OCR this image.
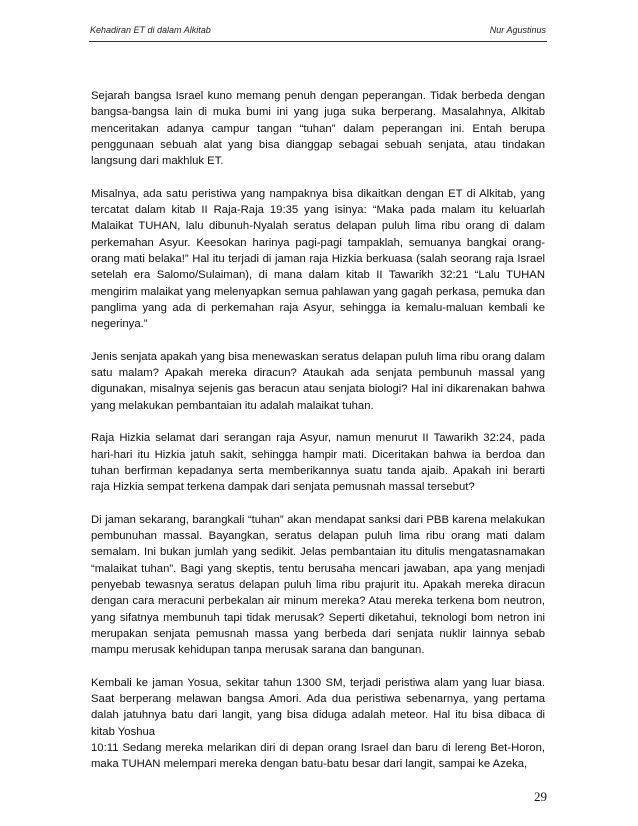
Kehadiran ET di dalam Alkitab	Nur Agustinus

Sejarah bangsa Israel kuno memang penuh dengan peperangan. Tidak berbeda dengan bangsa-bangsa lain di muka bumi ini yang juga suka berperang. Masalahnya, Alkitab menceritakan adanya campur tangan “tuhan” dalam peperangan ini. Entah berupa penggunaan sebuah alat yang bisa dianggap sebagai sebuah senjata, atau tindakan langsung dari makhluk ET.

Misalnya, ada satu peristiwa yang nampaknya bisa dikaitkan dengan ET di Alkitab, yang tercatat dalam kitab II Raja-Raja 19:35 yang isinya: “Maka pada malam itu keluarlah Malaikat TUHAN, lalu dibunuh-Nyalah seratus delapan puluh lima ribu orang di dalam perkemahan Asyur. Keesokan harinya pagi-pagi tampaklah, semuanya bangkai orang-orang mati belaka!” Hal itu terjadi di jaman raja Hizkia berkuasa (salah seorang raja Israel setelah era Salomo/Sulaiman), di mana dalam kitab II Tawarikh 32:21 “Lalu TUHAN mengirim malaikat yang melenyapkan semua pahlawan yang gagah perkasa, pemuka dan panglima yang ada di perkemahan raja Asyur, sehingga ia kemalu-maluan kembali ke negerinya.”

Jenis senjata apakah yang bisa menewaskan seratus delapan puluh lima ribu orang dalam satu malam? Apakah mereka diracun? Ataukah ada senjata pembunuh massal yang digunakan, misalnya sejenis gas beracun atau senjata biologi? Hal ini dikarenakan bahwa yang melakukan pembantaian itu adalah malaikat tuhan.

Raja Hizkia selamat dari serangan raja Asyur, namun menurut II Tawarikh 32:24, pada hari-hari itu Hizkia jatuh sakit, sehingga hampir mati. Diceritakan bahwa ia berdoa dan tuhan berfirman kepadanya serta memberikannya suatu tanda ajaib. Apakah ini berarti raja Hizkia sempat terkena dampak dari senjata pemusnah massal tersebut?

Di jaman sekarang, barangkali “tuhan” akan mendapat sanksi dari PBB karena melakukan pembunuhan massal. Bayangkan, seratus delapan puluh lima ribu orang mati dalam semalam. Ini bukan jumlah yang sedikit. Jelas pembantaian itu ditulis mengatasnamakan “malaikat tuhan”. Bagi yang skeptis, tentu berusaha mencari jawaban, apa yang menjadi penyebab tewasnya seratus delapan puluh lima ribu prajurit itu. Apakah mereka diracun dengan cara meracuni perbekalan air minum mereka? Atau mereka terkena bom neutron, yang sifatnya membunuh tapi tidak merusak? Seperti diketahui, teknologi bom netron ini merupakan senjata pemusnah massa yang berbeda dari senjata nuklir lainnya sebab mampu merusak kehidupan tanpa merusak sarana dan bangunan.

Kembali ke jaman Yosua, sekitar tahun 1300 SM, terjadi peristiwa alam yang luar biasa. Saat berperang melawan bangsa Amori. Ada dua peristiwa sebenarnya, yang pertama dalah jatuhnya batu dari langit, yang bisa diduga adalah meteor. Hal itu bisa dibaca di kitab Yoshua

10:11 Sedang mereka melarikan diri di depan orang Israel dan baru di lereng Bet-Horon, maka TUHAN melempari mereka dengan batu-batu besar dari langit, sampai ke Azeka,

29
